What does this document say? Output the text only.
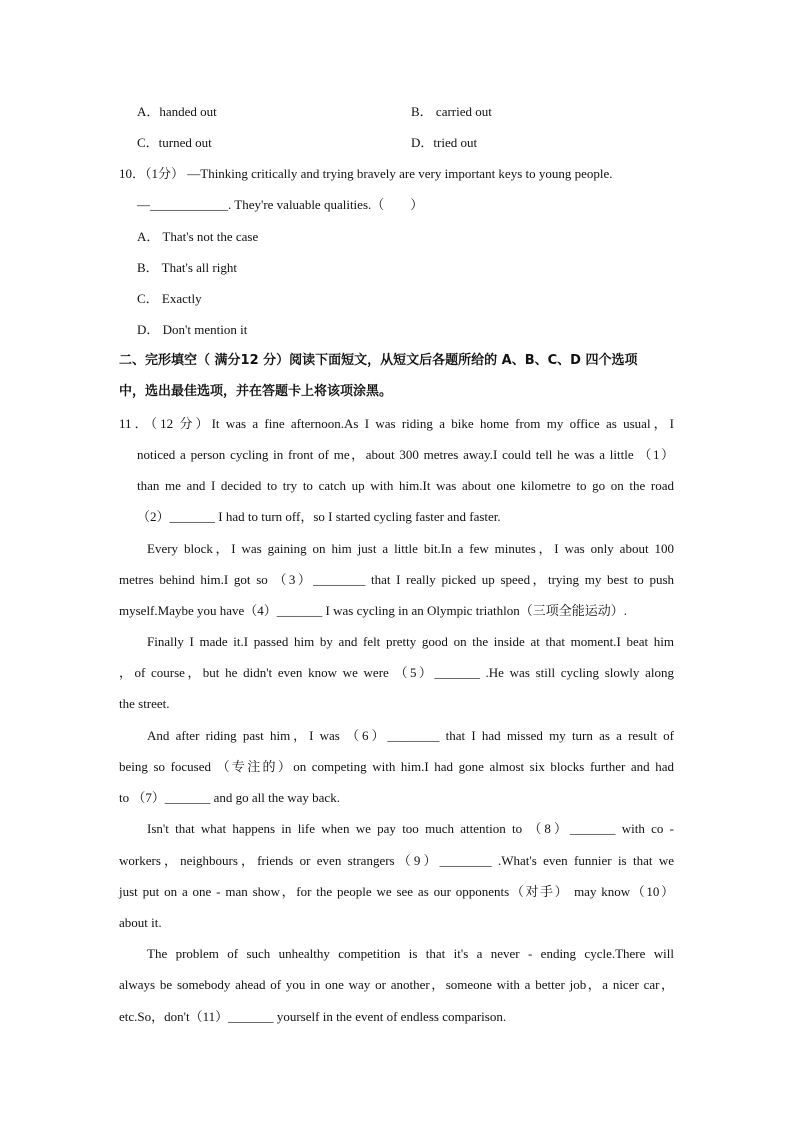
A．handed out	B． carried out
C．turned out	D．tried out
10．（1分） —Thinking critically and trying bravely are very important keys to young people.
—____________. They're valuable qualities.（　　）
A． That's not the case
B． That's all right
C． Exactly
D． Don't mention it
二、完形填空（ 满分12 分）阅读下面短文，从短文后各题所给的 A、B、C、D 四个选项
中，选出最佳选项，并在答题卡上将该项涂黑。
11．（12 分）It was a fine afternoon.As I was riding a bike home from my office as usual，I
noticed a person cycling in front of me，about 300 metres away.I could tell he was a little （1）
than me and I decided to try to catch up with him.It was about one kilometre to go on the road
（2）_______ I had to turn off，so I started cycling faster and faster.
Every block，I was gaining on him just a little bit.In a few minutes，I was only about 100
metres behind him.I got so （3）________ that I really picked up speed，trying my best to push
myself.Maybe you have（4）_______ I was cycling in an Olympic triathlon（三项全能运动）.
Finally I made it.I passed him by and felt pretty good on the inside at that moment.I beat him
，of course，but he didn't even know we were （5）_______ .He was still cycling slowly along
the street.
And after riding past him，I was （6）________ that I had missed my turn as a result of
being so focused （专注的）on competing with him.I had gone almost six blocks further and had
to （7）_______ and go all the way back.
Isn't that what happens in life when we pay too much attention to （8）_______ with co -
workers，neighbours，friends or even strangers（9）________ .What's even funnier is that we
just put on a one - man show，for the people we see as our opponents（对手） may know（10）
about it.
The problem of such unhealthy competition is that it's a never - ending cycle.There will
always be somebody ahead of you in one way or another，someone with a better job，a nicer car，
etc.So，don't（11）_______ yourself in the event of endless comparison.
